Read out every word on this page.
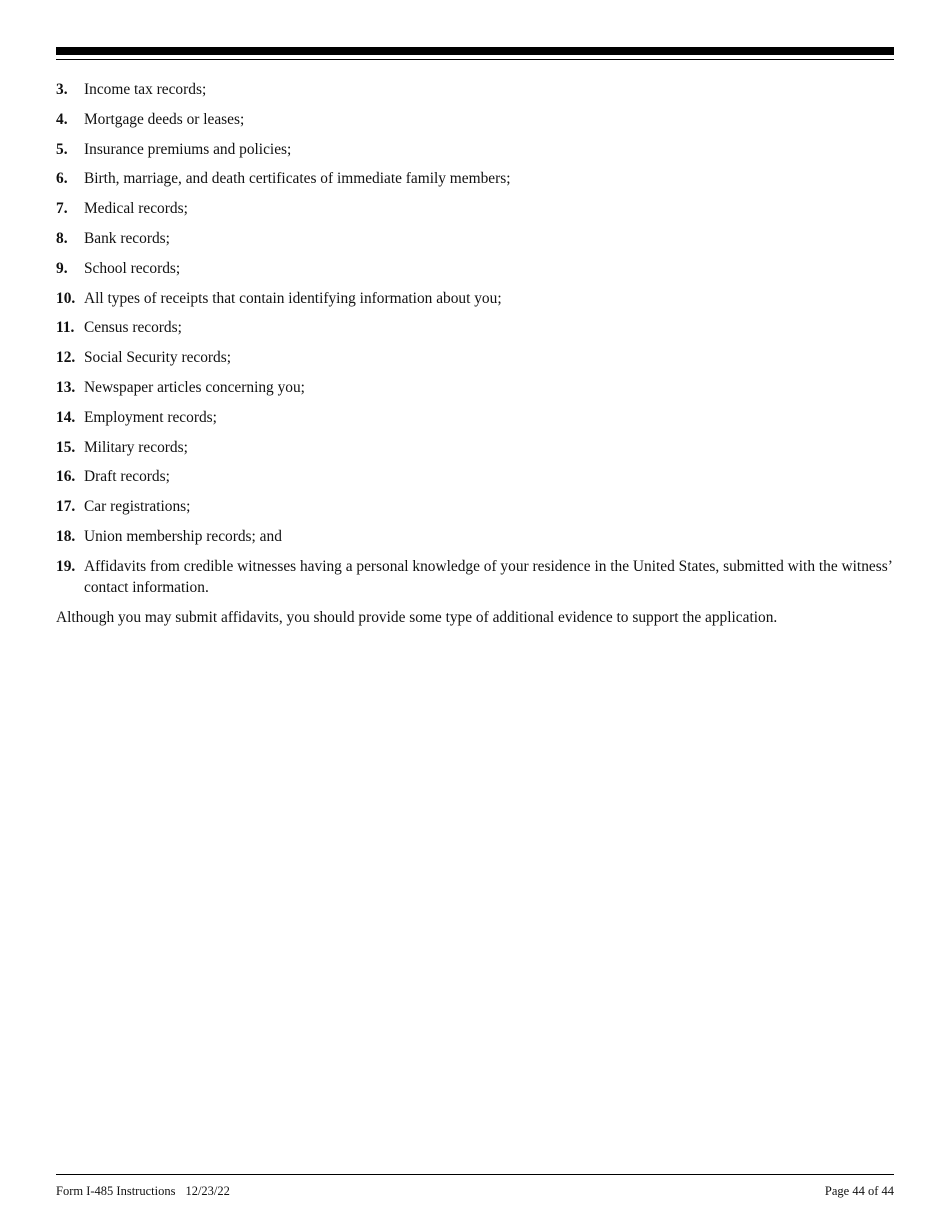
3.	Income tax records;
4.	Mortgage deeds or leases;
5.	Insurance premiums and policies;
6.	Birth, marriage, and death certificates of immediate family members;
7.	Medical records;
8.	Bank records;
9.	School records;
10. All types of receipts that contain identifying information about you;
11. Census records;
12. Social Security records;
13. Newspaper articles concerning you;
14. Employment records;
15. Military records;
16. Draft records;
17. Car registrations;
18. Union membership records; and
19. Affidavits from credible witnesses having a personal knowledge of your residence in the United States, submitted with the witness’ contact information.

Although you may submit affidavits, you should provide some type of additional evidence to support the application.

Form I-485 Instructions 12/23/22	Page 44 of 44
